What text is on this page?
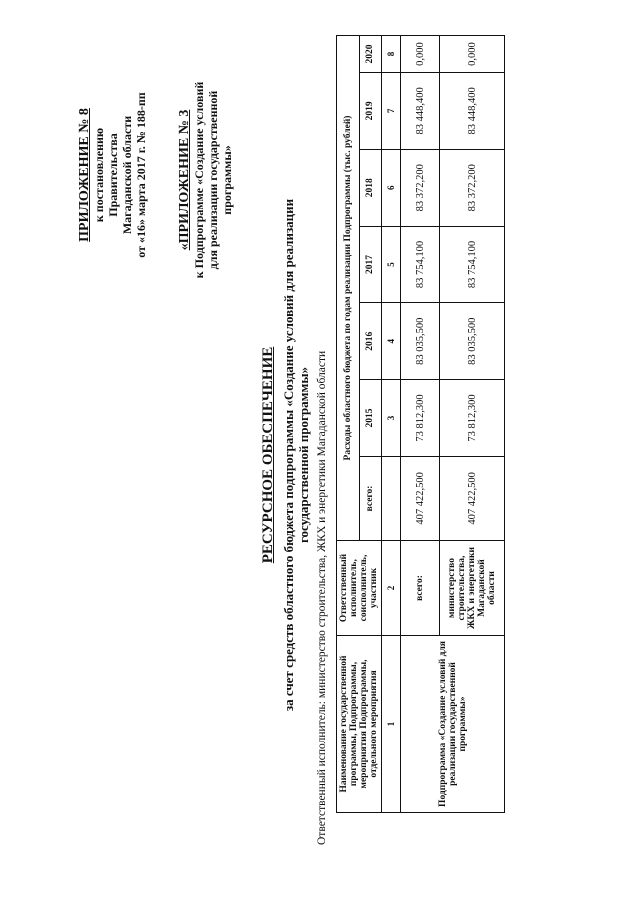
ПРИЛОЖЕНИЕ № 8 к постановлению Правительства Магаданской области от «16» марта 2017 г. № 188-пп «ПРИЛОЖЕНИЕ № 3 к Подпрограмме «Создание условий для реализации государственной программы»
РЕСУРСНОЕ ОБЕСПЕЧЕНИЕ за счет средств областного бюджета подпрограммы «Создание условий для реализации государственной программы» Ответственный исполнитель: министерство строительства, ЖКХ и энергетики Магаданской области Наименование государственной программы, Подпрограммы, мероприятия Подпрограммы, отдельного мероприятия	Ответственный исполнитель, соисполнитель, участник	Расходы областного бюджета по годам реализации Подпрограммы (тыс. рублей)						
		всего:	2015	2016	2017	2018	2019	2020
1	2		3	4	5	6	7	8
Подпрограмма «Создание условий для реализации государственной программы»	всего:	407 422,500	73 812,300	83 035,500	83 754,100	83 372,200	83 448,400	0,000
	министерство строительства, ЖКХ и энергетики Магаданской области	407 422,500	73 812,300	83 035,500	83 754,100	83 372,200	83 448,400	0,000
